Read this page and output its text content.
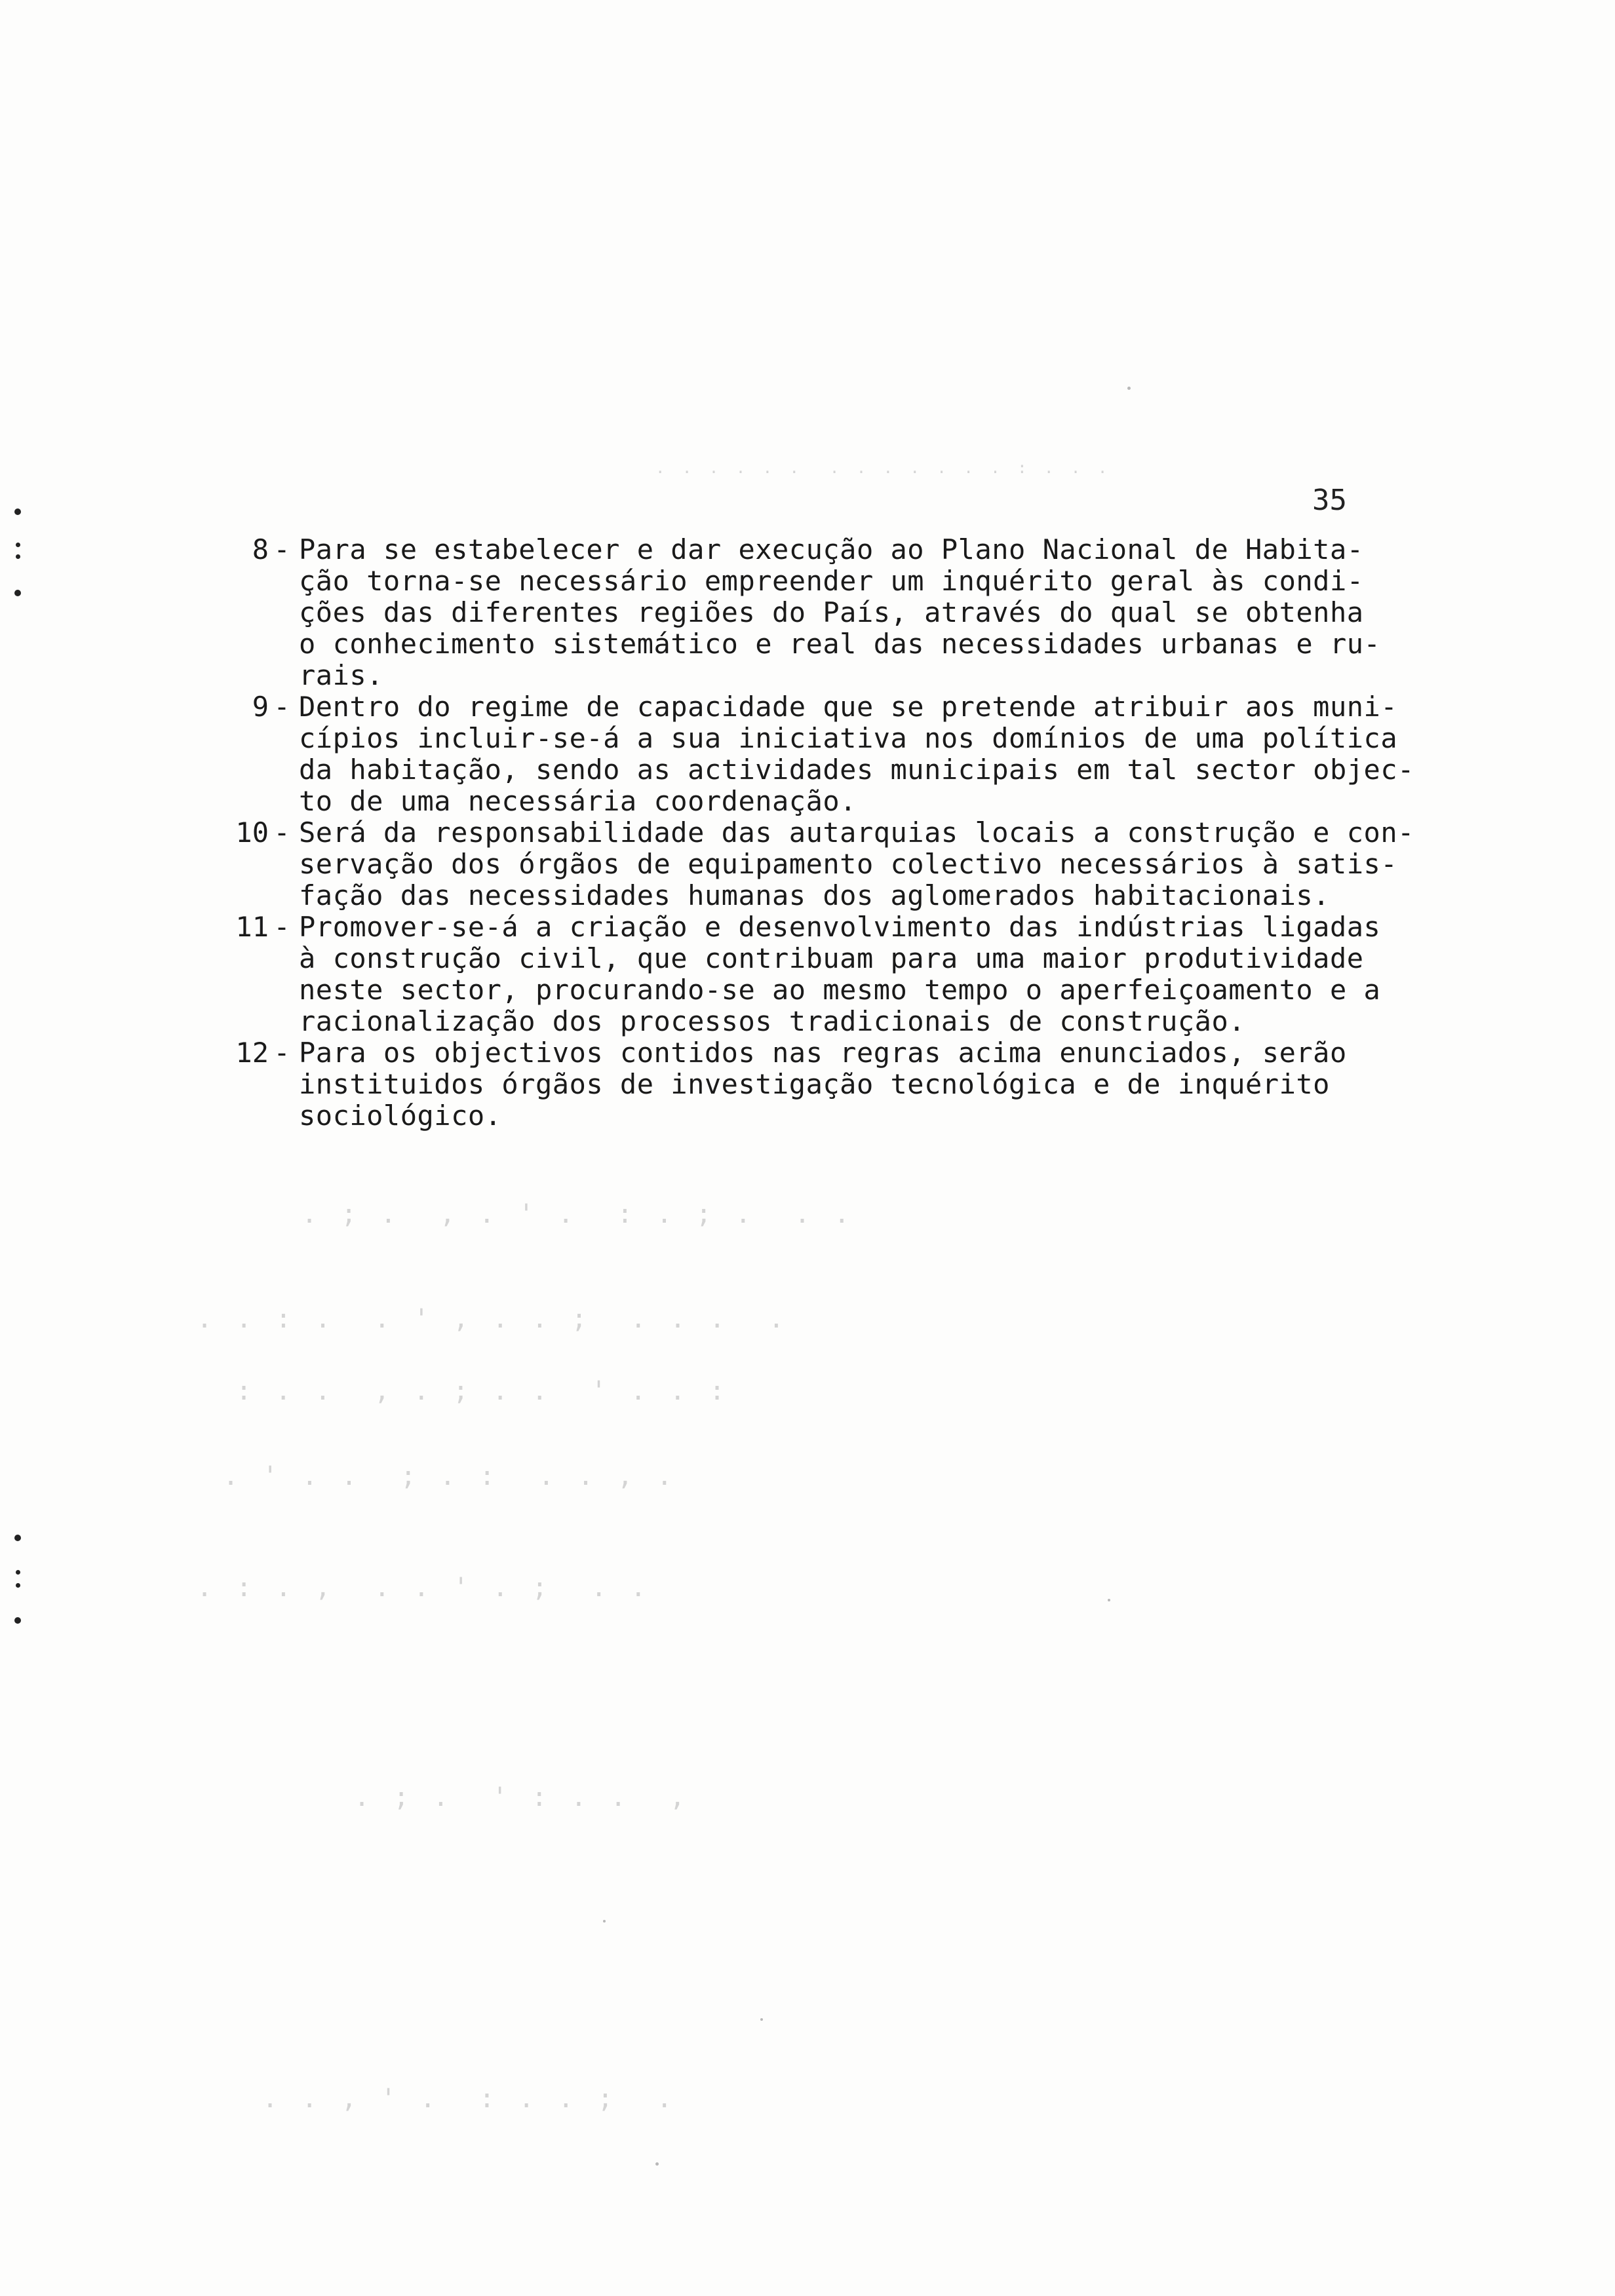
. . . . . .  . . . . . . . : . . .
. ; .  , . ' .  : . ; .  . .
. . : .  . ' , . . ;  . . .  .
: . .  , . ; . .  ' . . :
. ' . .  ; . :  . . , .
. : . ,  . . ' . ;  . .
. ; .  ' : . .  ,
. . , ' .  : . . ;  .
35
8 - Para se estabelecer e dar execução ao Plano Nacional de Habita-
ção torna-se necessário empreender um inquérito geral às condi-
ções das diferentes regiões do País, através do qual se obtenha
o conhecimento sistemático e real das necessidades urbanas e ru-
rais.
9 - Dentro do regime de capacidade que se pretende atribuir aos muni-
cípios incluir-se-á a sua iniciativa nos domínios de uma política
da habitação, sendo as actividades municipais em tal sector objec-
to de uma necessária coordenação.
10 - Será da responsabilidade das autarquias locais a construção e con-
servação dos órgãos de equipamento colectivo necessários à satis-
fação das necessidades humanas dos aglomerados habitacionais.
11 - Promover-se-á a criação e desenvolvimento das indústrias ligadas
à construção civil, que contribuam para uma maior produtividade
neste sector, procurando-se ao mesmo tempo o aperfeiçoamento e a
racionalização dos processos tradicionais de construção.
12 - Para os objectivos contidos nas regras acima enunciados, serão
instituidos órgãos de investigação tecnológica e de inquérito
sociológico.
